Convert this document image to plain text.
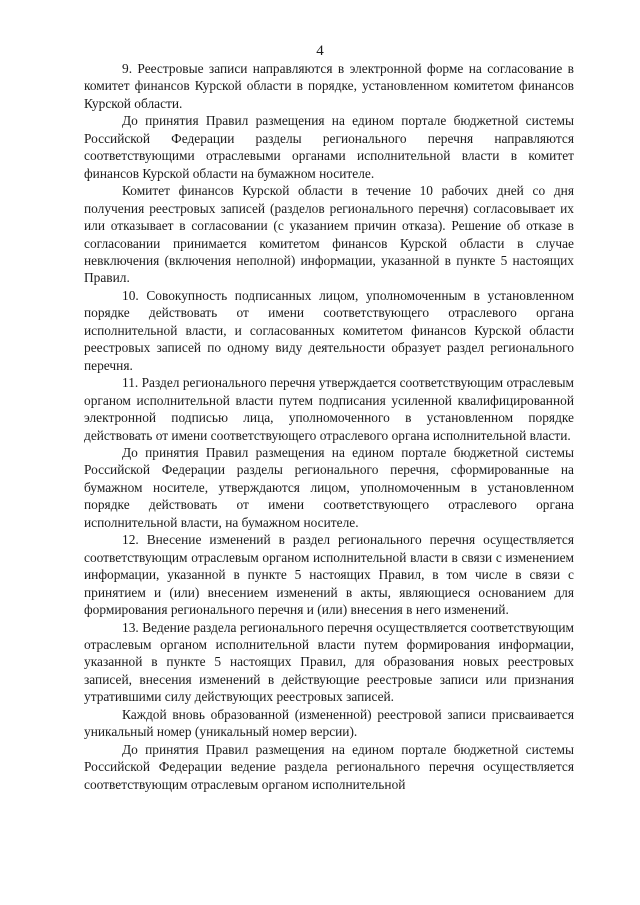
4

9. Реестровые записи направляются в электронной форме на согласование в комитет финансов Курской области в порядке, установленном комитетом финансов Курской области.

До принятия Правил размещения на едином портале бюджетной системы Российской Федерации разделы регионального перечня направляются соответствующими отраслевыми органами исполнительной власти в комитет финансов Курской области на бумажном носителе.

Комитет финансов Курской области в течение 10 рабочих дней со дня получения реестровых записей (разделов регионального перечня) согласовывает их или отказывает в согласовании (с указанием причин отказа). Решение об отказе в согласовании принимается комитетом финансов Курской области в случае невключения (включения неполной) информации, указанной в пункте 5 настоящих Правил.

10. Совокупность подписанных лицом, уполномоченным в установленном порядке действовать от имени соответствующего отраслевого органа исполнительной власти, и согласованных комитетом финансов Курской области реестровых записей по одному виду деятельности образует раздел регионального перечня.

11. Раздел регионального перечня утверждается соответствующим отраслевым органом исполнительной власти путем подписания усиленной квалифицированной электронной подписью лица, уполномоченного в установленном порядке действовать от имени соответствующего отраслевого органа исполнительной власти.

До принятия Правил размещения на едином портале бюджетной системы Российской Федерации разделы регионального перечня, сформированные на бумажном носителе, утверждаются лицом, уполномоченным в установленном порядке действовать от имени соответствующего отраслевого органа исполнительной власти, на бумажном носителе.

12. Внесение изменений в раздел регионального перечня осуществляется соответствующим отраслевым органом исполнительной власти в связи с изменением информации, указанной в пункте 5 настоящих Правил, в том числе в связи с принятием и (или) внесением изменений в акты, являющиеся основанием для формирования регионального перечня и (или) внесения в него изменений.

13. Ведение раздела регионального перечня осуществляется соответствующим отраслевым органом исполнительной власти путем формирования информации, указанной в пункте 5 настоящих Правил, для образования новых реестровых записей, внесения изменений в действующие реестровые записи или признания утратившими силу действующих реестровых записей.

Каждой вновь образованной (измененной) реестровой записи присваивается уникальный номер (уникальный номер версии).

До принятия Правил размещения на едином портале бюджетной системы Российской Федерации ведение раздела регионального перечня осуществляется соответствующим отраслевым органом исполнительной
